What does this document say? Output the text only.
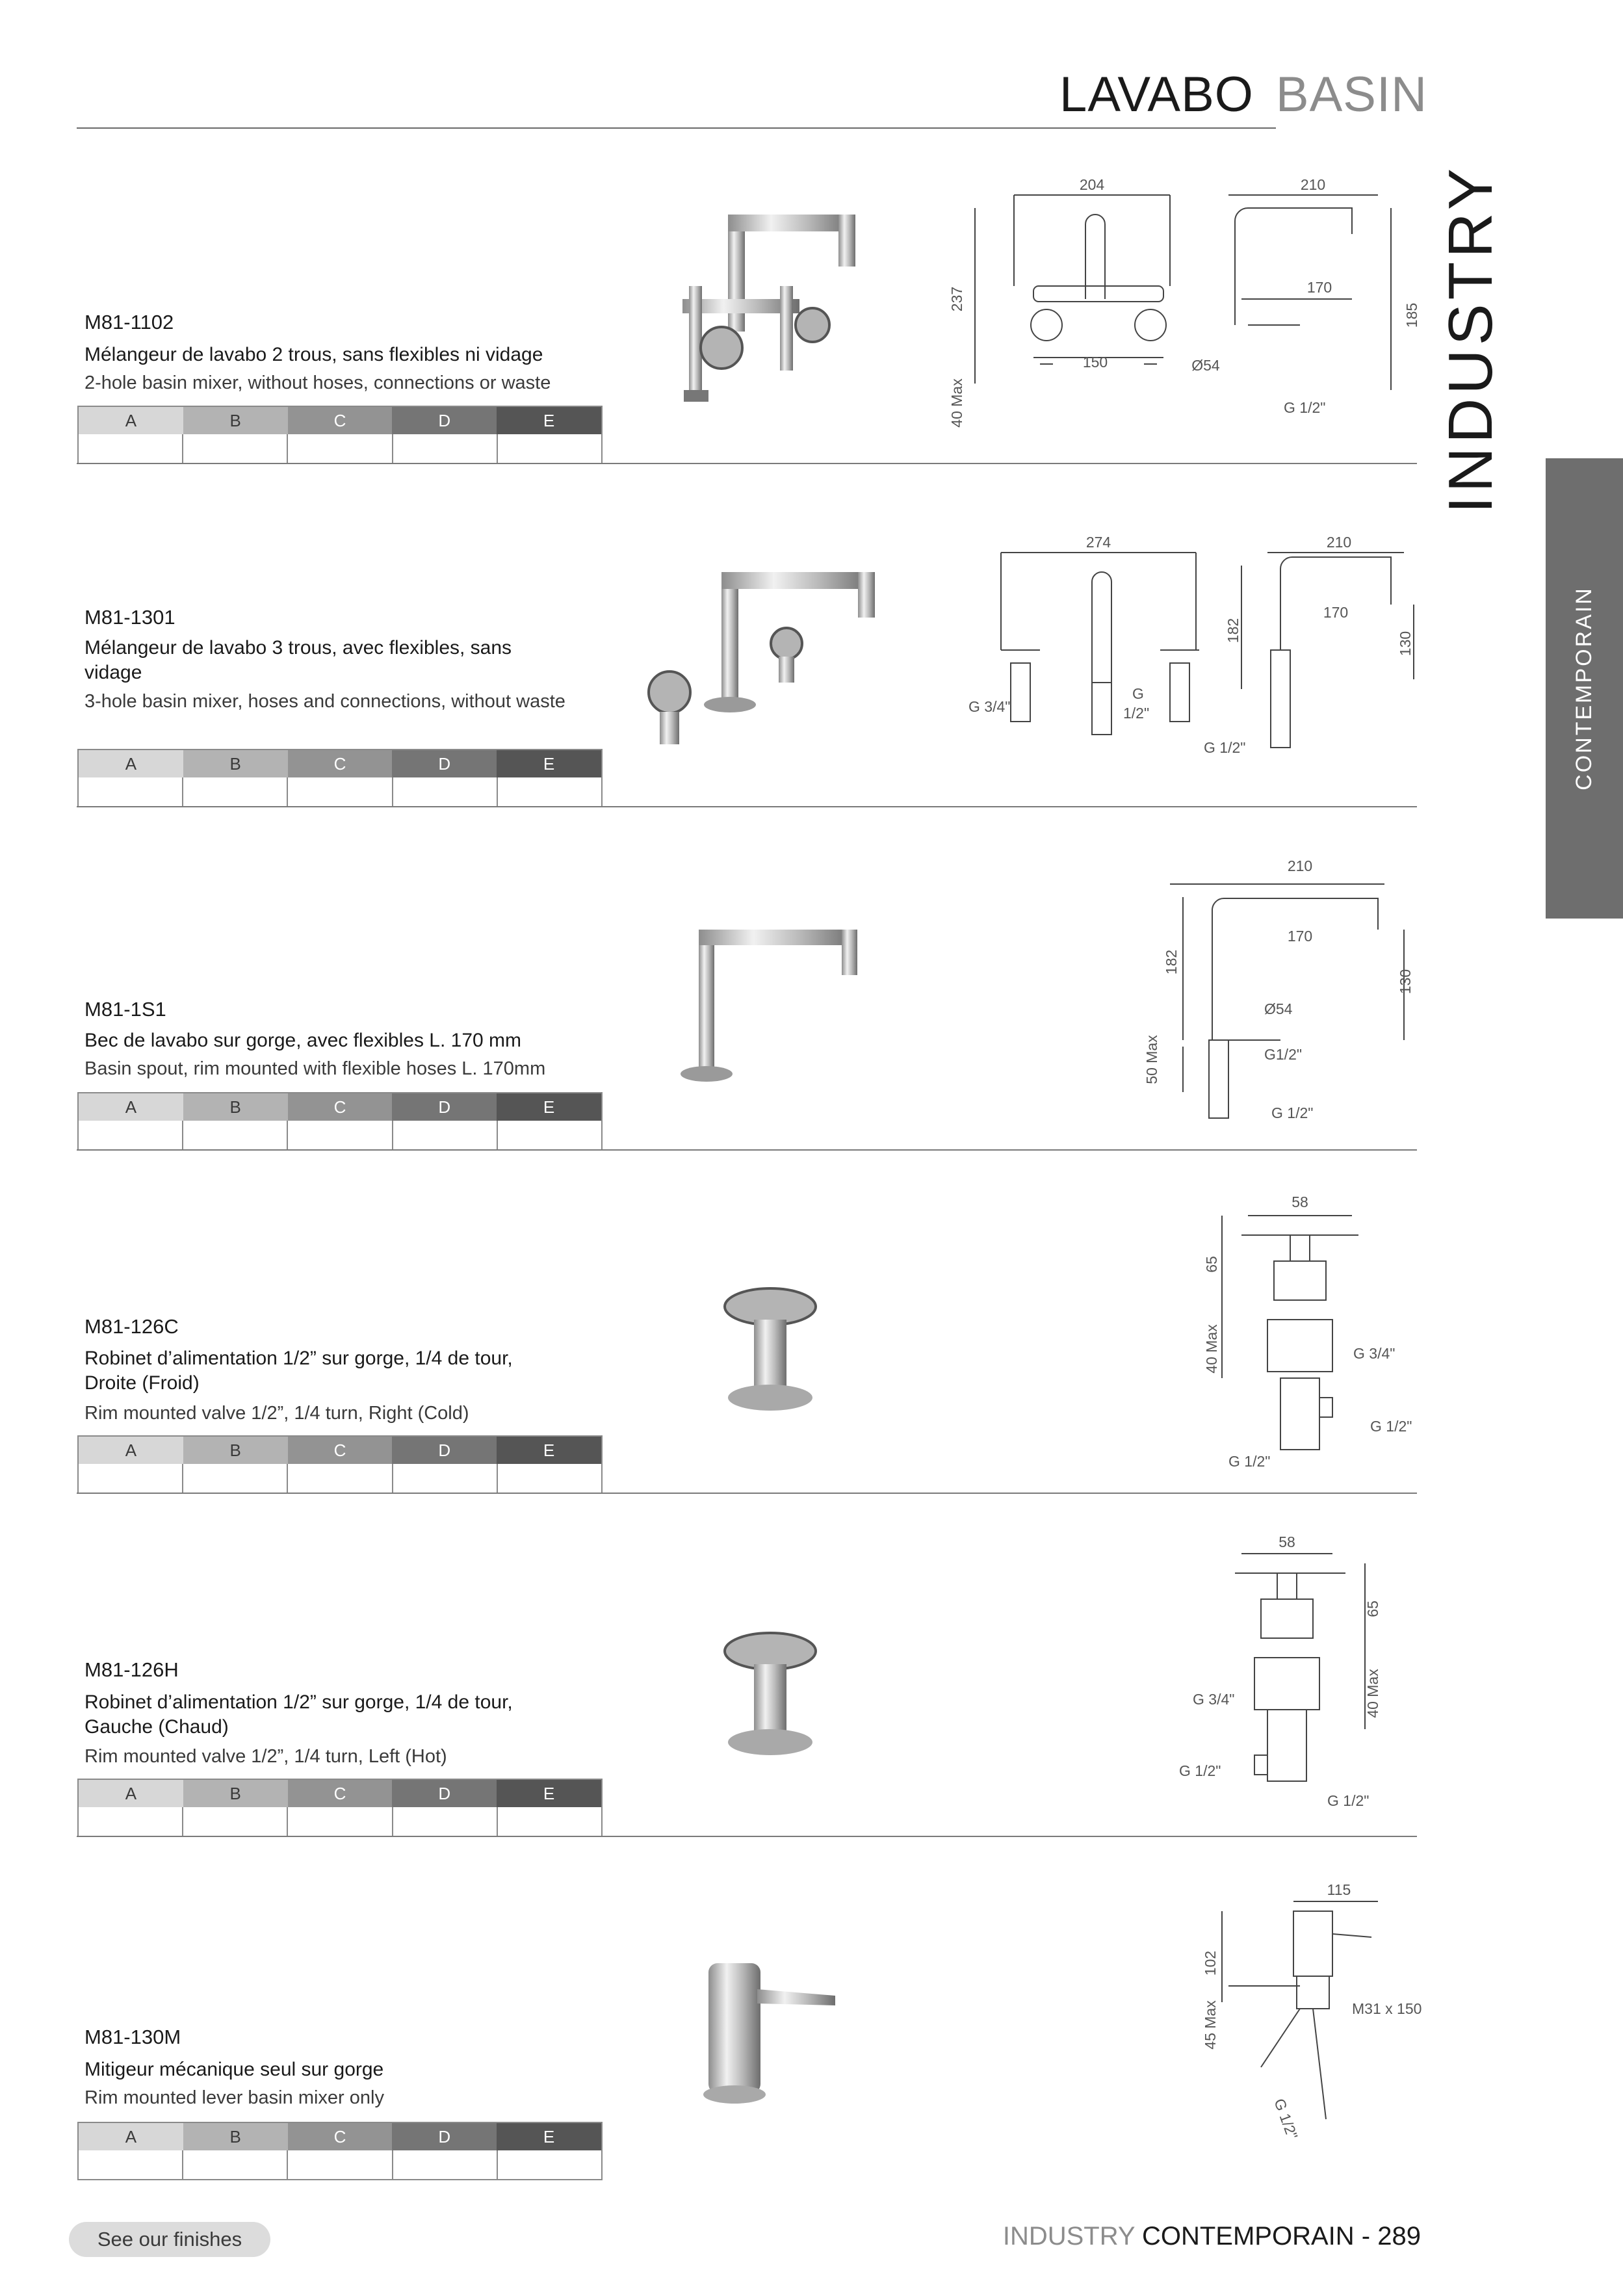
LAVABO BASIN
INDUSTRY
CONTEMPORAIN
M81-1102
Mélangeur de lavabo 2 trous, sans flexibles ni vidage
2-hole basin mixer, without hoses, connections or waste
A	B	C	D	E
204	210
237	170
185
150	Ø54
40 Max	G 1/2"
M81-1301
Mélangeur de lavabo 3 trous, avec flexibles, sans vidage
3-hole basin mixer, hoses and connections, without waste
A	B	C	D	E
274	210
182
170
130
G 3/4"
G
1/2"
G 1/2"
M81-1S1
Bec de lavabo sur gorge, avec flexibles L. 170 mm
Basin spout, rim mounted with flexible hoses L. 170mm
A	B	C	D	E
210
170
182
130
Ø54
50 Max	G1/2"
G 1/2"
M81-126C
Robinet d’alimentation 1/2” sur gorge, 1/4 de tour, Droite (Froid)
Rim mounted valve 1/2”, 1/4 turn, Right (Cold)
A	B	C	D	E
58
65
40 Max	G 3/4"
G 1/2"
G 1/2"
M81-126H
Robinet d’alimentation 1/2” sur gorge, 1/4 de tour, Gauche (Chaud)
Rim mounted valve 1/2”, 1/4 turn, Left (Hot)
A	B	C	D	E
58
65
40 Max
G 3/4"
G 1/2"
G 1/2"
M81-130M
Mitigeur mécanique seul sur gorge
Rim mounted lever basin mixer only
A	B	C	D	E
115
102
45 Max	M31 x 150
G 1/2"
See our finishes	INDUSTRY CONTEMPORAIN - 289
